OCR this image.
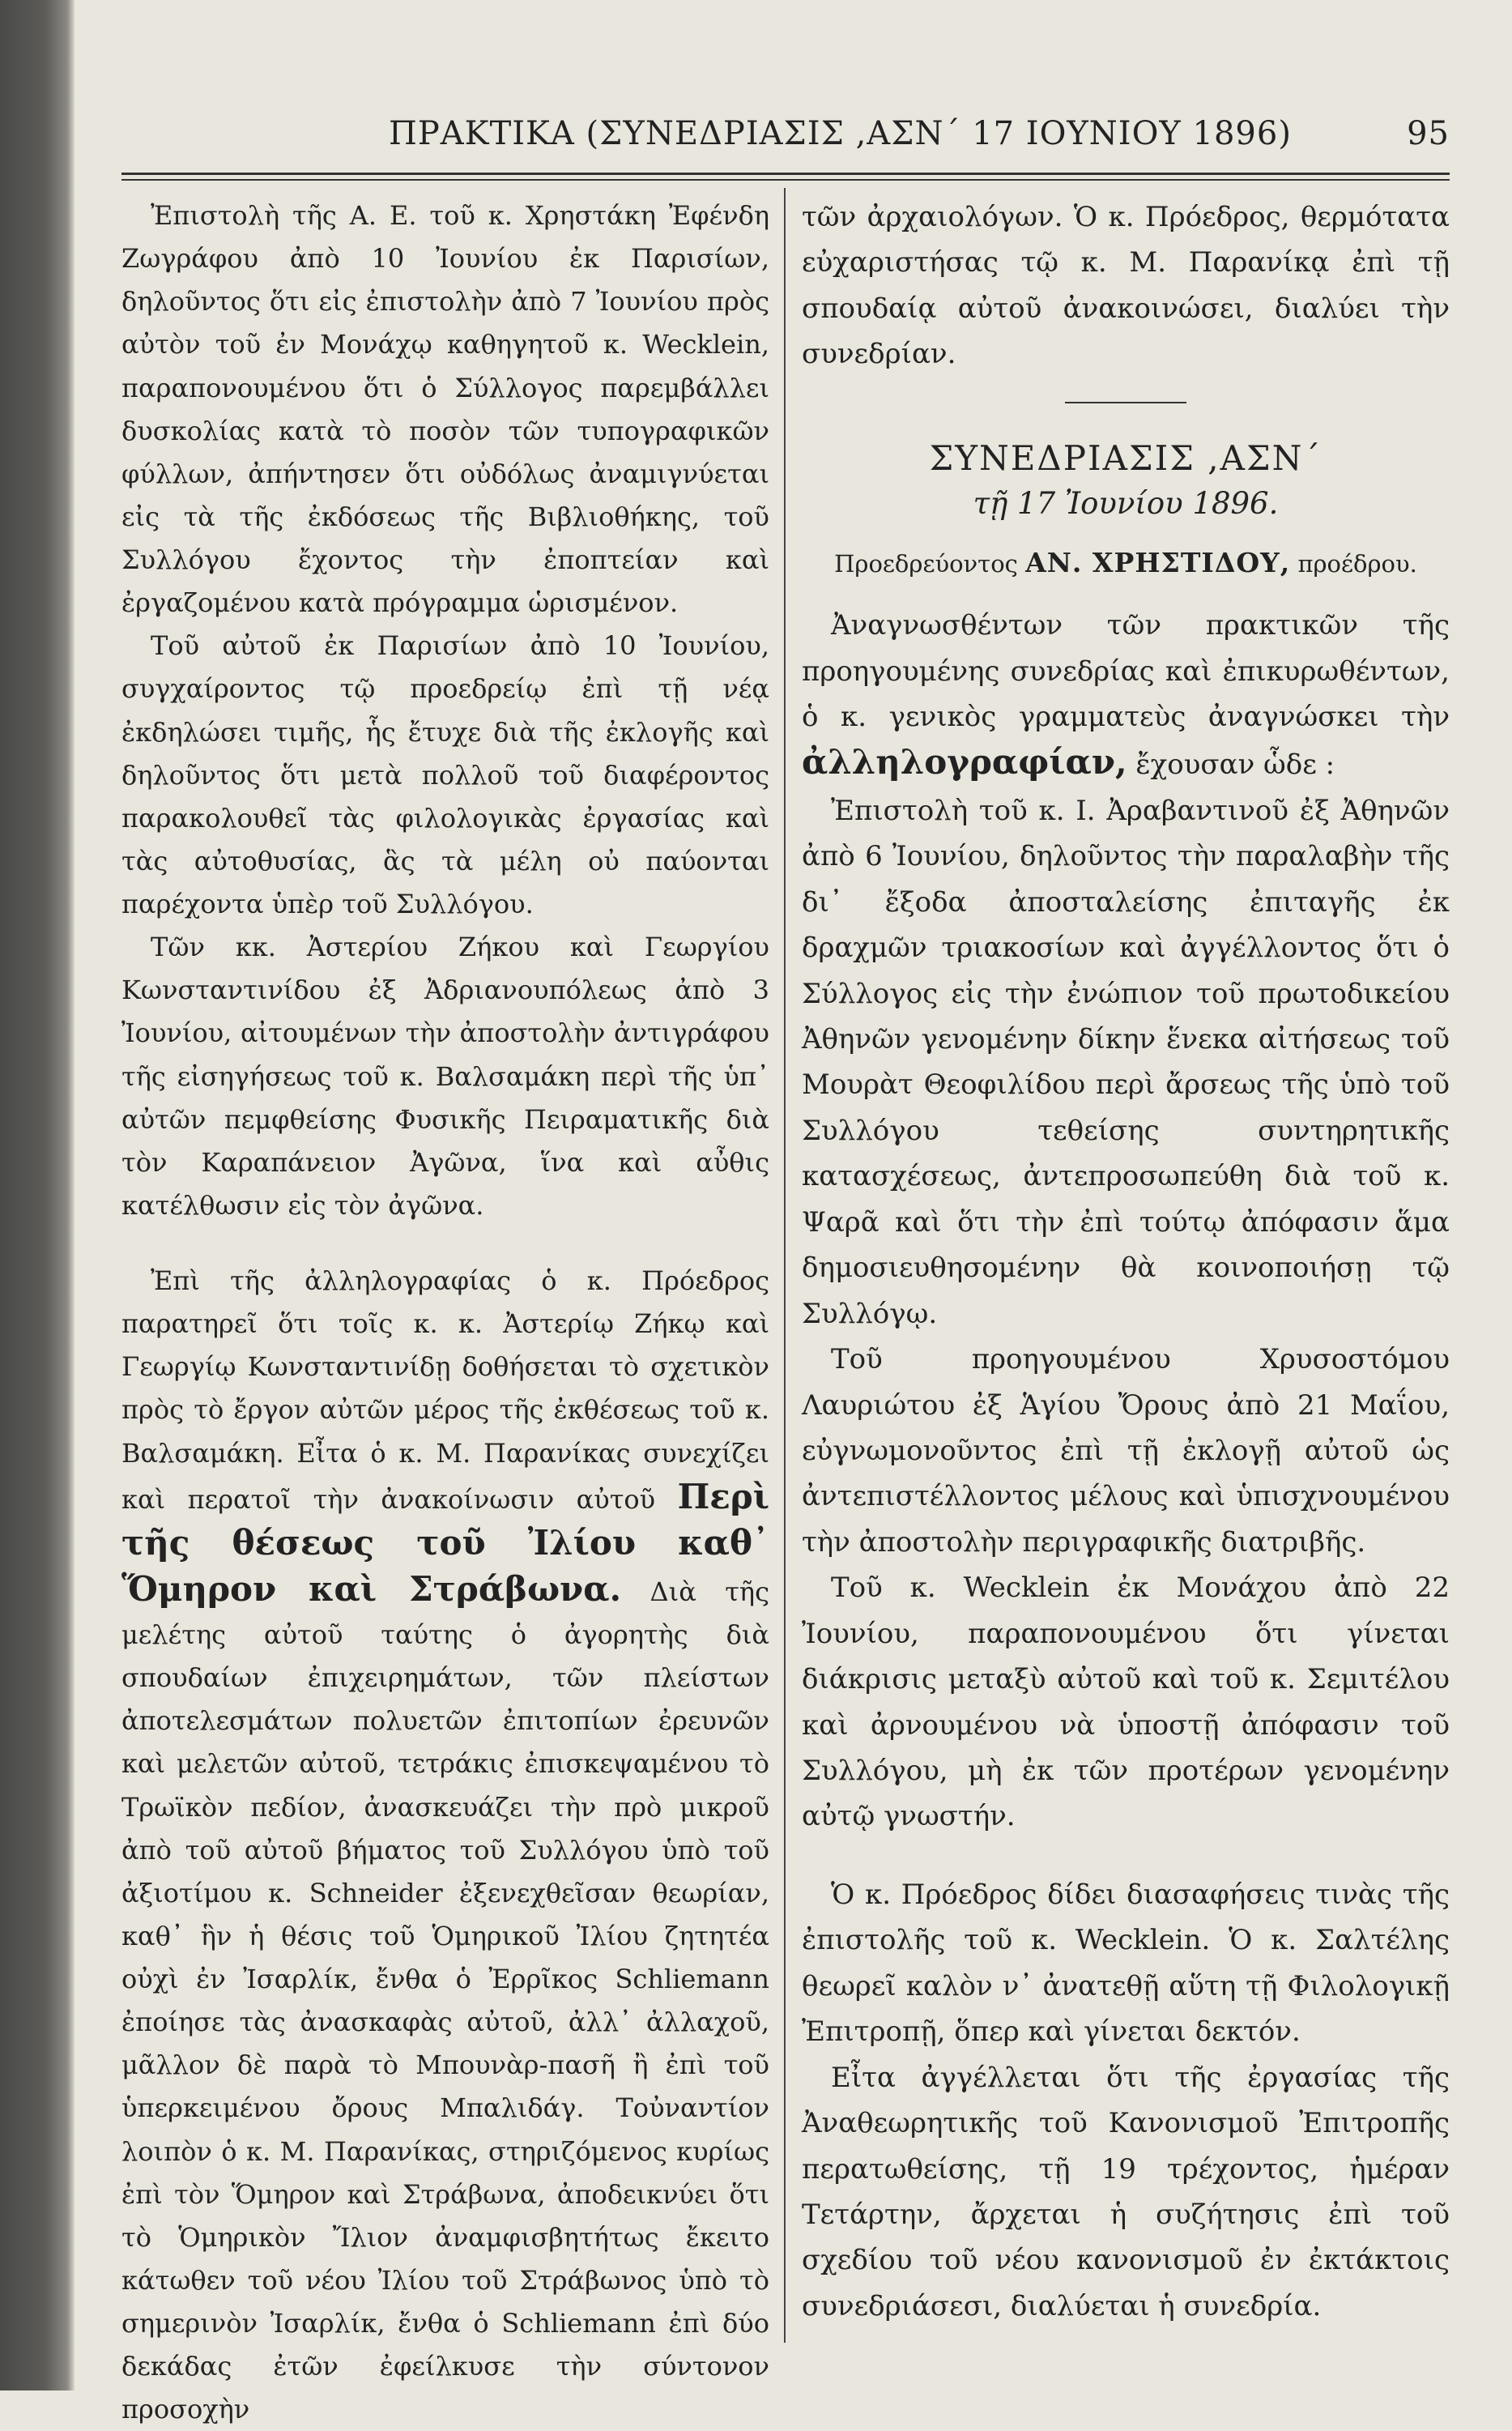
ΠΡΑΚΤΙΚΑ (ΣΥΝΕΔΡΙΑΣΙΣ ,ΑΣΝ΄ 17 ΙΟΥΝΙΟΥ 1896)	95

Ἐπιστολὴ τῆς Α. Ε. τοῦ κ. Χρηστάκη Ἐφένδη Ζωγράφου ἀπὸ 10 Ἰουνίου ἐκ Παρισίων, δηλοῦντος ὅτι εἰς ἐπιστολὴν ἀπὸ 7 Ἰουνίου πρὸς αὐτὸν τοῦ ἐν Μονάχῳ καθηγητοῦ κ. Wecklein, παραπονουμένου ὅτι ὁ Σύλλογος παρεμβάλλει δυσκολίας κατὰ τὸ ποσὸν τῶν τυπογραφικῶν φύλλων, ἀπήντησεν ὅτι οὐδόλως ἀναμιγνύεται εἰς τὰ τῆς ἐκδόσεως τῆς Βιβλιοθήκης, τοῦ Συλλόγου ἔχοντος τὴν ἐποπτείαν καὶ ἐργαζομένου κατὰ πρόγραμμα ὡρισμένον.

Τοῦ αὐτοῦ ἐκ Παρισίων ἀπὸ 10 Ἰουνίου, συγχαίροντος τῷ προεδρείῳ ἐπὶ τῇ νέᾳ ἐκδηλώσει τιμῆς, ἧς ἔτυχε διὰ τῆς ἐκλογῆς καὶ δηλοῦντος ὅτι μετὰ πολλοῦ τοῦ διαφέροντος παρακολουθεῖ τὰς φιλολογικὰς ἐργασίας καὶ τὰς αὐτοθυσίας, ἃς τὰ μέλη οὐ παύονται παρέχοντα ὑπὲρ τοῦ Συλλόγου.

Τῶν κκ. Ἀστερίου Ζήκου καὶ Γεωργίου Κωνσταντινίδου ἐξ Ἀδριανουπόλεως ἀπὸ 3 Ἰουνίου, αἰτουμένων τὴν ἀποστολὴν ἀντιγράφου τῆς εἰσηγήσεως τοῦ κ. Βαλσαμάκη περὶ τῆς ὑπ᾽ αὐτῶν πεμφθείσης Φυσικῆς Πειραματικῆς διὰ τὸν Καραπάνειον Ἀγῶνα, ἵνα καὶ αὖθις κατέλθωσιν εἰς τὸν ἀγῶνα.

Ἐπὶ τῆς ἀλληλογραφίας ὁ κ. Πρόεδρος παρατηρεῖ ὅτι τοῖς κ. κ. Ἀστερίῳ Ζήκῳ καὶ Γεωργίῳ Κωνσταντινίδῃ δοθήσεται τὸ σχετικὸν πρὸς τὸ ἔργον αὐτῶν μέρος τῆς ἐκθέσεως τοῦ κ. Βαλσαμάκη. Εἶτα ὁ κ. Μ. Παρανίκας συνεχίζει καὶ περατοῖ τὴν ἀνακοίνωσιν αὐτοῦ Περὶ τῆς θέσεως τοῦ Ἰλίου καθ᾽ Ὅμηρον καὶ Στράβωνα. Διὰ τῆς μελέτης αὐτοῦ ταύτης ὁ ἀγορητὴς διὰ σπουδαίων ἐπιχειρημάτων, τῶν πλείστων ἀποτελεσμάτων πολυετῶν ἐπιτοπίων ἐρευνῶν καὶ μελετῶν αὐτοῦ, τετράκις ἐπισκεψαμένου τὸ Τρωϊκὸν πεδίον, ἀνασκευάζει τὴν πρὸ μικροῦ ἀπὸ τοῦ αὐτοῦ βήματος τοῦ Συλλόγου ὑπὸ τοῦ ἀξιοτίμου κ. Schneider ἐξενεχθεῖσαν θεωρίαν, καθ᾽ ἣν ἡ θέσις τοῦ Ὁμηρικοῦ Ἰλίου ζητητέα οὐχὶ ἐν Ἰσαρλίκ, ἔνθα ὁ Ἐρρῖκος Schliemann ἐποίησε τὰς ἀνασκαφὰς αὐτοῦ, ἀλλ᾽ ἀλλαχοῦ, μᾶλλον δὲ παρὰ τὸ Μπουνὰρ-πασῆ ἢ ἐπὶ τοῦ ὑπερκειμένου ὄρους Μπαλιδάγ. Τοὐναντίον λοιπὸν ὁ κ. Μ. Παρανίκας, στηριζόμενος κυρίως ἐπὶ τὸν Ὅμηρον καὶ Στράβωνα, ἀποδεικνύει ὅτι τὸ Ὁμηρικὸν Ἴλιον ἀναμφισβητήτως ἔκειτο κάτωθεν τοῦ νέου Ἰλίου τοῦ Στράβωνος ὑπὸ τὸ σημερινὸν Ἰσαρλίκ, ἔνθα ὁ Schliemann ἐπὶ δύο δεκάδας ἐτῶν ἐφείλκυσε τὴν σύντονον προσοχὴν

τῶν ἀρχαιολόγων. Ὁ κ. Πρόεδρος, θερμότατα εὐχαριστήσας τῷ κ. Μ. Παρανίκᾳ ἐπὶ τῇ σπουδαίᾳ αὐτοῦ ἀνακοινώσει, διαλύει τὴν συνεδρίαν.

ΣΥΝΕΔΡΙΑΣΙΣ ,ΑΣΝ΄

τῇ 17 Ἰουνίου 1896.

Προεδρεύοντος ΑΝ. ΧΡΗΣΤΙΔΟΥ, προέδρου.

Ἀναγνωσθέντων τῶν πρακτικῶν τῆς προηγουμένης συνεδρίας καὶ ἐπικυρωθέντων, ὁ κ. γενικὸς γραμματεὺς ἀναγνώσκει τὴν ἀλληλογραφίαν, ἔχουσαν ὧδε :

Ἐπιστολὴ τοῦ κ. Ι. Ἀραβαντινοῦ ἐξ Ἀθηνῶν ἀπὸ 6 Ἰουνίου, δηλοῦντος τὴν παραλαβὴν τῆς δι᾽ ἔξοδα ἀποσταλείσης ἐπιταγῆς ἐκ δραχμῶν τριακοσίων καὶ ἀγγέλλοντος ὅτι ὁ Σύλλογος εἰς τὴν ἐνώπιον τοῦ πρωτοδικείου Ἀθηνῶν γενομένην δίκην ἕνεκα αἰτήσεως τοῦ Μουρὰτ Θεοφιλίδου περὶ ἄρσεως τῆς ὑπὸ τοῦ Συλλόγου τεθείσης συντηρητικῆς κατασχέσεως, ἀντεπροσωπεύθη διὰ τοῦ κ. Ψαρᾶ καὶ ὅτι τὴν ἐπὶ τούτῳ ἀπόφασιν ἅμα δημοσιευθησομένην θὰ κοινοποιήσῃ τῷ Συλλόγῳ.

Τοῦ προηγουμένου Χρυσοστόμου Λαυριώτου ἐξ Ἁγίου Ὄρους ἀπὸ 21 Μαΐου, εὐγνωμονοῦντος ἐπὶ τῇ ἐκλογῇ αὐτοῦ ὡς ἀντεπιστέλλοντος μέλους καὶ ὑπισχνουμένου τὴν ἀποστολὴν περιγραφικῆς διατριβῆς.

Τοῦ κ. Wecklein ἐκ Μονάχου ἀπὸ 22 Ἰουνίου, παραπονουμένου ὅτι γίνεται διάκρισις μεταξὺ αὐτοῦ καὶ τοῦ κ. Σεμιτέλου καὶ ἀρνουμένου νὰ ὑποστῇ ἀπόφασιν τοῦ Συλλόγου, μὴ ἐκ τῶν προτέρων γενομένην αὐτῷ γνωστήν.

Ὁ κ. Πρόεδρος δίδει διασαφήσεις τινὰς τῆς ἐπιστολῆς τοῦ κ. Wecklein. Ὁ κ. Σαλτέλης θεωρεῖ καλὸν ν᾽ ἀνατεθῇ αὕτη τῇ Φιλολογικῇ Ἐπιτροπῇ, ὅπερ καὶ γίνεται δεκτόν.

Εἶτα ἀγγέλλεται ὅτι τῆς ἐργασίας τῆς Ἀναθεωρητικῆς τοῦ Κανονισμοῦ Ἐπιτροπῆς περατωθείσης, τῇ 19 τρέχοντος, ἡμέραν Τετάρτην, ἄρχεται ἡ συζήτησις ἐπὶ τοῦ σχεδίου τοῦ νέου κανονισμοῦ ἐν ἐκτάκτοις συνεδριάσεσι, διαλύεται ἡ συνεδρία.
